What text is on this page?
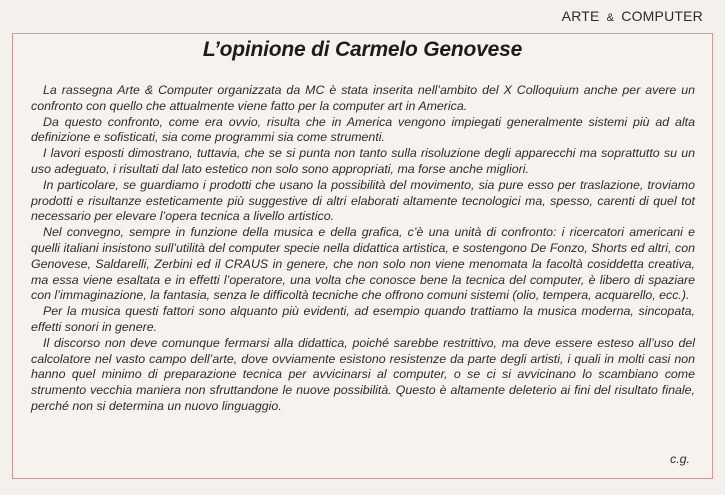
ARTE & COMPUTER
L’opinione di Carmelo Genovese

La rassegna Arte & Computer organizzata da MC è stata inserita nell’ambito del X Colloquium anche per avere un confronto con quello che attualmente viene fatto per la computer art in America.

Da questo confronto, come era ovvio, risulta che in America vengono impiegati generalmente sistemi più ad alta definizione e sofisticati, sia come programmi sia come strumenti.

I lavori esposti dimostrano, tuttavia, che se si punta non tanto sulla risoluzione degli apparecchi ma soprattutto su un uso adeguato, i risultati dal lato estetico non solo sono appropriati, ma forse anche migliori.

In particolare, se guardiamo i prodotti che usano la possibilità del movimento, sia pure esso per traslazione, troviamo prodotti e risultanze esteticamente più suggestive di altri elaborati altamente tecnologici ma, spesso, carenti di quel tot necessario per elevare l’opera tecnica a livello artistico.

Nel convegno, sempre in funzione della musica e della grafica, c’è una unità di confronto: i ricercatori americani e quelli italiani insistono sull’utilità del computer specie nella didattica artistica, e sostengono De Fonzo, Shorts ed altri, con Genovese, Saldarelli, Zerbini ed il CRAUS in genere, che non solo non viene menomata la facoltà cosiddetta creativa, ma essa viene esaltata e in effetti l’operatore, una volta che conosce bene la tecnica del computer, è libero di spaziare con l’immaginazione, la fantasia, senza le difficoltà tecniche che offrono comuni sistemi (olio, tempera, acquarello, ecc.).

Per la musica questi fattori sono alquanto più evidenti, ad esempio quando trattiamo la musica moderna, sincopata, effetti sonori in genere.

Il discorso non deve comunque fermarsi alla didattica, poiché sarebbe restrittivo, ma deve essere esteso all’uso del calcolatore nel vasto campo dell’arte, dove ovviamente esistono resistenze da parte degli artisti, i quali in molti casi non hanno quel minimo di preparazione tecnica per avvicinarsi al computer, o se ci si avvicinano lo scambiano come strumento vecchia maniera non sfruttandone le nuove possibilità. Questo è altamente deleterio ai fini del risultato finale, perché non si determina un nuovo linguaggio.

c.g.
